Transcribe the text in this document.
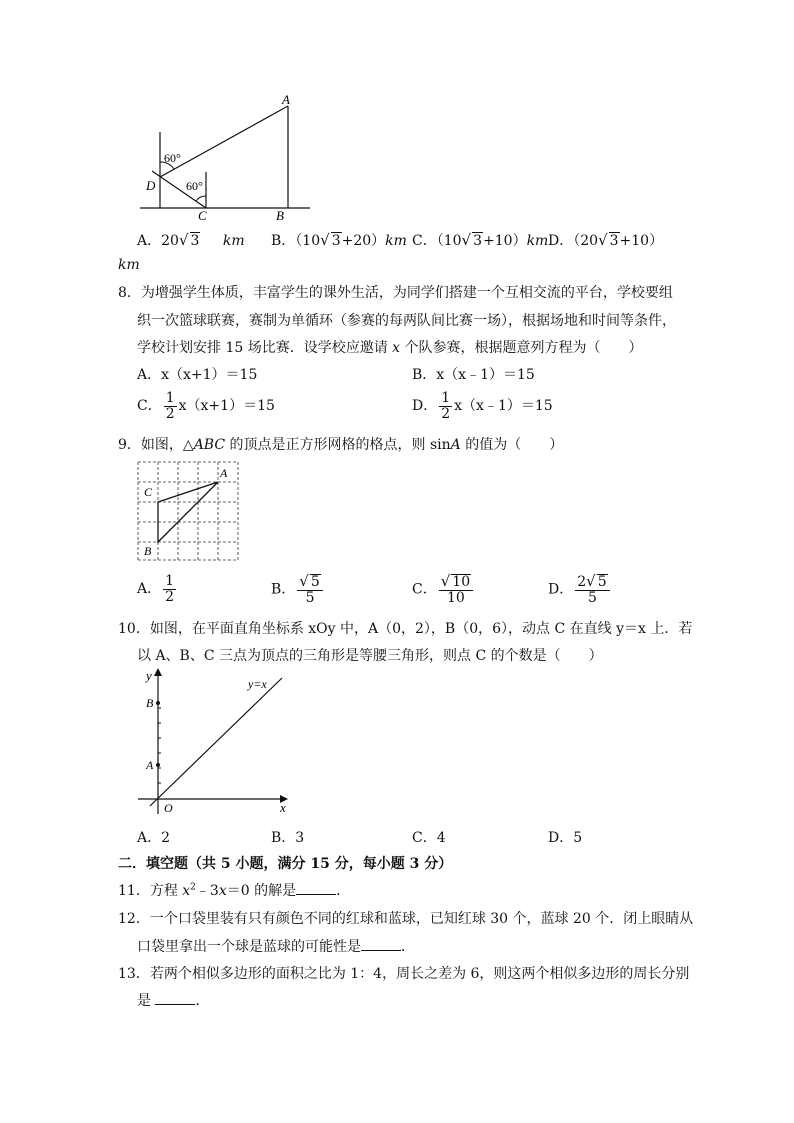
A
B
C
D
60°
60°
A．20√ 3 km B．（10√ 3+20）km C．（10√ 3+10）km D．（20√ 3+10）
km
8．为增强学生体质，丰富学生的课外生活，为同学们搭建一个互相交流的平台，学校要组
织一次篮球联赛，赛制为单循环（参赛的每两队间比赛一场），根据场地和时间等条件，
学校计划安排 15 场比赛．设学校应邀请 x 个队参赛，根据题意列方程为（　　）
A．x（x+1）＝15	B．x（x﹣1）＝15
C． $\frac{1}{2} x(x+1)=15$	D． $\frac{1}{2}$ x（x﹣1）＝15
9．如图，△ABC 的顶点是正方形网格的格点，则 sinA 的值为（　　）
A
B
C
A． $\frac{1}{2}$	B． $\frac{√ 5}{5}$	C． $\frac{√ 10}{10}$	D． $\frac{2√ 5}{5}$
10．如图，在平面直角坐标系 xOy 中，A（0，2），B（0，6），动点 C 在直线 y＝x 上．若
以 A、B、C 三点为顶点的三角形是等腰三角形，则点 C 的个数是（　　）
y
x
O
A
B
y=x
A．2	B．3	C．4	D．5
二．填空题（共 5 小题，满分 15 分，每小题 3 分）
11．方程 $x^2﹣3x=0$ 的解是	．
12．一个口袋里装有只有颜色不同的红球和蓝球，已知红球 30 个，蓝球 20 个．闭上眼睛从
口袋里拿出一个球是蓝球的可能性是	．
13．若两个相似多边形的面积之比为 1：4，周长之差为 6，则这两个相似多边形的周长分别
是	．
